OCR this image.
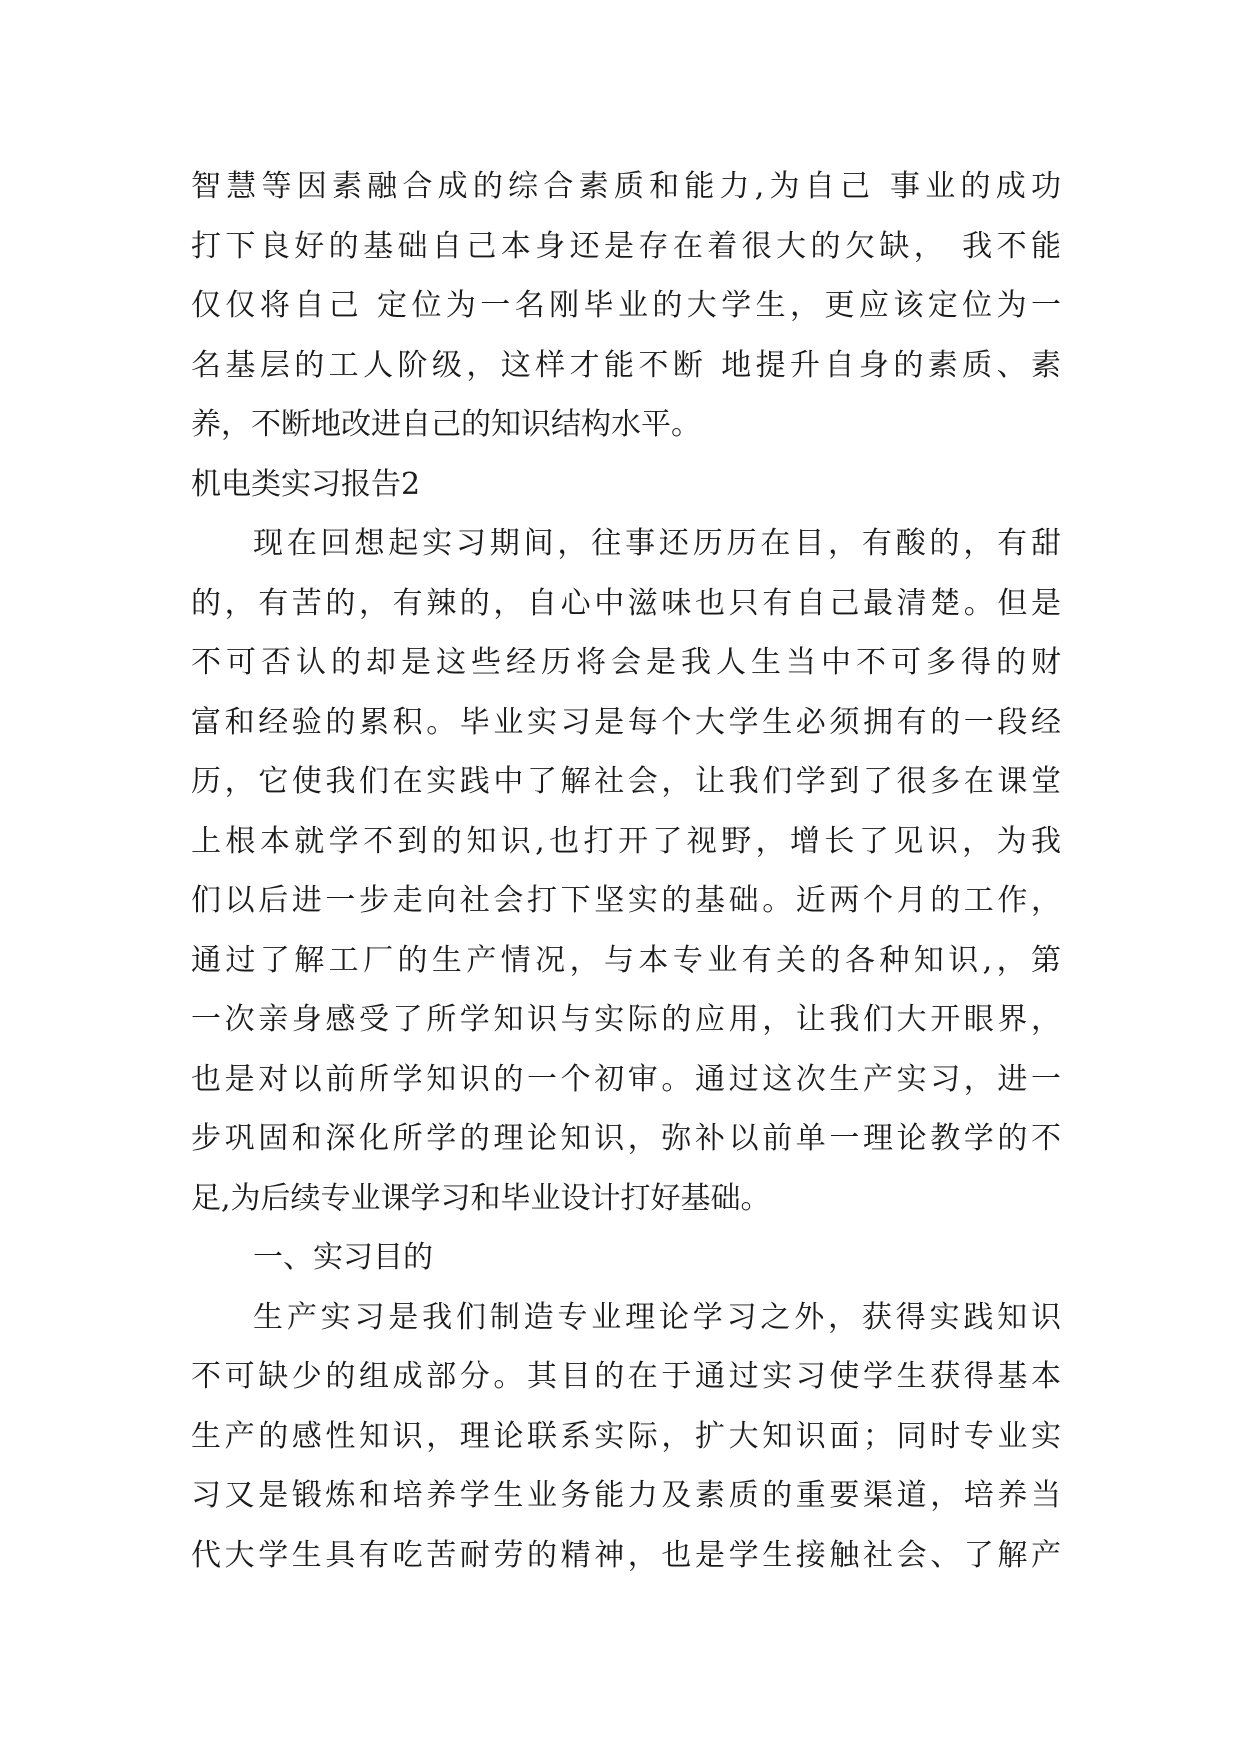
智慧等因素融合成的综合素质和能力,为自己 事业的成功
打下良好的基础自己本身还是存在着很大的欠缺， 我不能
仅仅将自己 定位为一名刚毕业的大学生，更应该定位为一
名基层的工人阶级，这样才能不断 地提升自身的素质、素
养，不断地改进自己的知识结构水平。
机电类实习报告2
现在回想起实习期间，往事还历历在目，有酸的，有甜
的，有苦的，有辣的，自心中滋味也只有自己最清楚。但是
不可否认的却是这些经历将会是我人生当中不可多得的财
富和经验的累积。毕业实习是每个大学生必须拥有的一段经
历，它使我们在实践中了解社会，让我们学到了很多在课堂
上根本就学不到的知识,也打开了视野，增长了见识，为我
们以后进一步走向社会打下坚实的基础。近两个月的工作，
通过了解工厂的生产情况，与本专业有关的各种知识,，第
一次亲身感受了所学知识与实际的应用，让我们大开眼界，
也是对以前所学知识的一个初审。通过这次生产实习，进一
步巩固和深化所学的理论知识，弥补以前单一理论教学的不
足,为后续专业课学习和毕业设计打好基础。
一、实习目的
生产实习是我们制造专业理论学习之外，获得实践知识
不可缺少的组成部分。其目的在于通过实习使学生获得基本
生产的感性知识，理论联系实际，扩大知识面；同时专业实
习又是锻炼和培养学生业务能力及素质的重要渠道，培养当
代大学生具有吃苦耐劳的精神，也是学生接触社会、了解产
